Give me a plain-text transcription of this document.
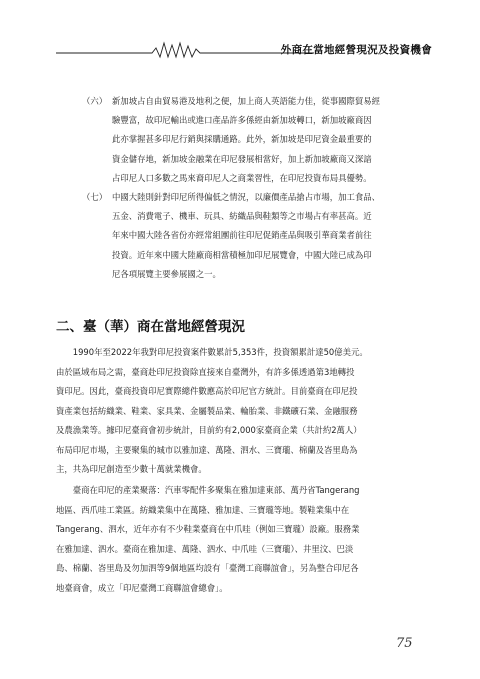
外商在當地經營現況及投資機會
（六） 新加坡占自由貿易港及地利之便，加上商人英語能力佳，從事國際貿易經
驗豐富，故印尼輸出或進口產品許多係經由新加坡轉口，新加坡廠商因
此亦掌握甚多印尼行銷與採購通路。此外，新加坡是印尼資金最重要的
資金儲存地，新加坡金融業在印尼發展相當好，加上新加坡廠商又深諳
占印尼人口多數之馬來裔印尼人之商業習性，在印尼投資布局具優勢。
（七） 中國大陸則針對印尼所得偏低之情況，以廉價產品搶占市場，加工食品、
五金、消費電子、機車、玩具、紡織品與鞋類等之市場占有率甚高。近
年來中國大陸各省份亦經常組團前往印尼促銷產品與吸引華商業者前往
投資。近年來中國大陸廠商相當積極加印尼展覽會，中國大陸已成為印
尼各項展覽主要參展國之一。
二、臺（華）商在當地經營現況
　　1990年至2022年我對印尼投資案件數累計5,353件，投資額累計達50億美元。
由於區域布局之需，臺商赴印尼投資除直接來自臺灣外，有許多係透過第3地轉投
資印尼。因此，臺商投資印尼實際總件數應高於印尼官方統計。目前臺商在印尼投
資產業包括紡織業、鞋業、家具業、金屬製品業、輪胎業、非鐵礦石業、金融服務
及農漁業等。據印尼臺商會初步統計，目前約有2,000家臺商企業（共計約2萬人）
布局印尼市場，主要聚集的城市以雅加達、萬隆、泗水、三寶瓏、棉蘭及峇里島為
主，共為印尼創造至少數十萬就業機會。
　　臺商在印尼的產業聚落：汽車零配件多聚集在雅加達東部、萬丹省Tangerang
地區、西爪哇工業區。紡織業集中在萬隆、雅加達、三寶瓏等地。製鞋業集中在
Tangerang、泗水，近年亦有不少鞋業臺商在中爪哇（例如三寶瓏）設廠。服務業
在雅加達、泗水。臺商在雅加達、萬隆、泗水、中爪哇（三寶瓏）、井里汶、巴淡
島、棉蘭、峇里島及勿加泗等9個地區均設有「臺灣工商聯誼會」，另為整合印尼各
地臺商會，成立「印尼臺灣工商聯誼會總會」。
75
